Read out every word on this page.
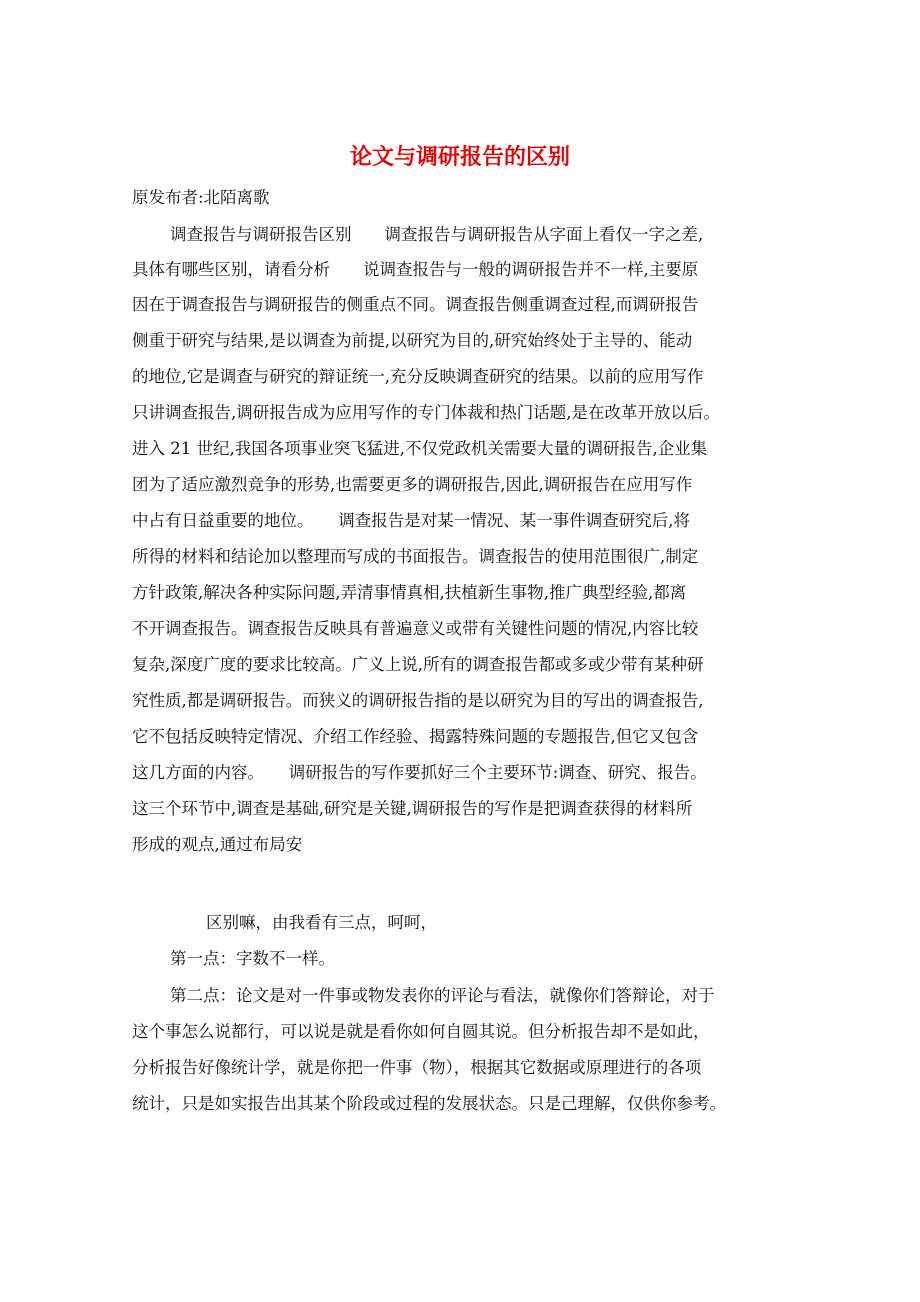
论文与调研报告的区别
原发布者:北陌离歌
调查报告与调研报告区别　　调查报告与调研报告从字面上看仅一字之差,
具体有哪些区别，请看分析　　说调查报告与一般的调研报告并不一样,主要原
因在于调查报告与调研报告的侧重点不同。调查报告侧重调查过程,而调研报告
侧重于研究与结果,是以调查为前提,以研究为目的,研究始终处于主导的、能动
的地位,它是调查与研究的辩证统一,充分反映调查研究的结果。以前的应用写作
只讲调查报告,调研报告成为应用写作的专门体裁和热门话题,是在改革开放以后。
进入 21 世纪,我国各项事业突飞猛进,不仅党政机关需要大量的调研报告,企业集
团为了适应激烈竞争的形势,也需要更多的调研报告,因此,调研报告在应用写作
中占有日益重要的地位。　　调查报告是对某一情况、某一事件调查研究后,将
所得的材料和结论加以整理而写成的书面报告。调查报告的使用范围很广,制定
方针政策,解决各种实际问题,弄清事情真相,扶植新生事物,推广典型经验,都离
不开调查报告。调查报告反映具有普遍意义或带有关键性问题的情况,内容比较
复杂,深度广度的要求比较高。广义上说,所有的调查报告都或多或少带有某种研
究性质,都是调研报告。而狭义的调研报告指的是以研究为目的写出的调查报告,
它不包括反映特定情况、介绍工作经验、揭露特殊问题的专题报告,但它又包含
这几方面的内容。　　调研报告的写作要抓好三个主要环节:调查、研究、报告。
这三个环节中,调查是基础,研究是关键,调研报告的写作是把调查获得的材料所
形成的观点,通过布局安
区别嘛，由我看有三点，呵呵，
第一点：字数不一样。
第二点：论文是对一件事或物发表你的评论与看法，就像你们答辩论，对于
这个事怎么说都行，可以说是就是看你如何自圆其说。但分析报告却不是如此，
分析报告好像统计学，就是你把一件事（物），根据其它数据或原理进行的各项
统计，只是如实报告出其某个阶段或过程的发展状态。只是己理解，仅供你参考。
